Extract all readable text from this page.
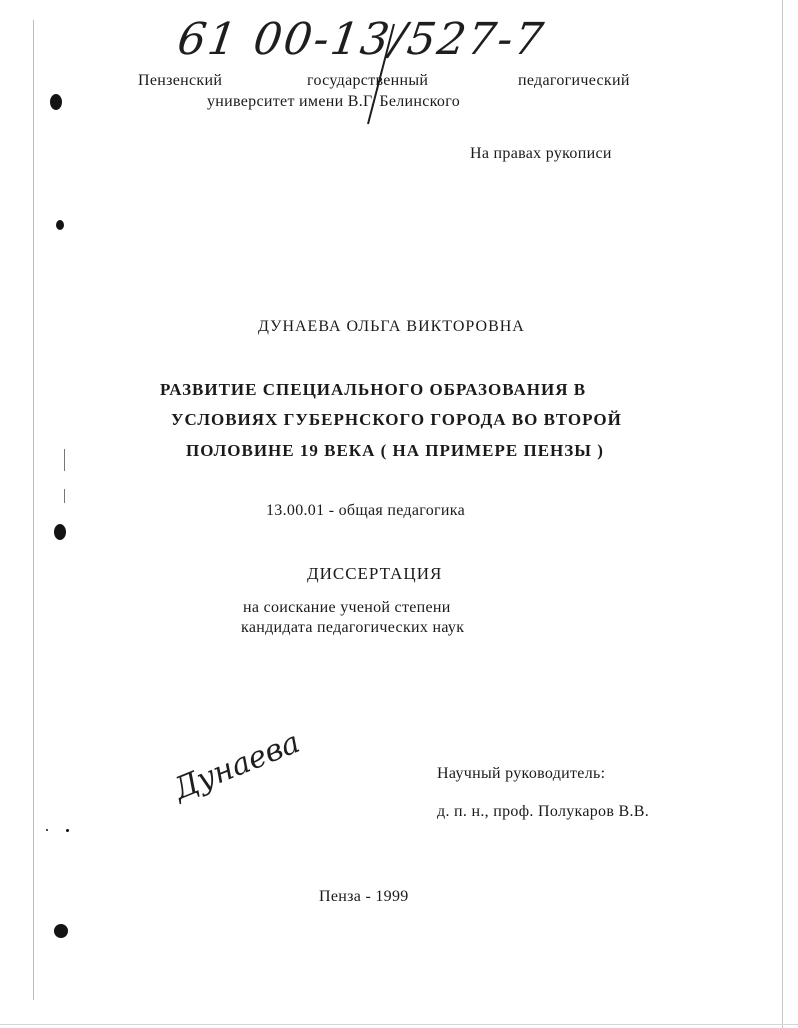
61 00-13/527-7
Пензенский	государственный	педагогический
университет имени В.Г. Белинского
На правах рукописи
ДУНАЕВА ОЛЬГА ВИКТОРОВНА
РАЗВИТИЕ СПЕЦИАЛЬНОГО ОБРАЗОВАНИЯ В
УСЛОВИЯХ ГУБЕРНСКОГО ГОРОДА ВО ВТОРОЙ
ПОЛОВИНЕ 19 ВЕКА ( НА ПРИМЕРЕ ПЕНЗЫ )
13.00.01 - общая педагогика
ДИССЕРТАЦИЯ
на соискание ученой степени
кандидата педагогических наук
Дунаева	Научный руководитель:
д. п. н., проф. Полукаров В.В.
Пенза - 1999
